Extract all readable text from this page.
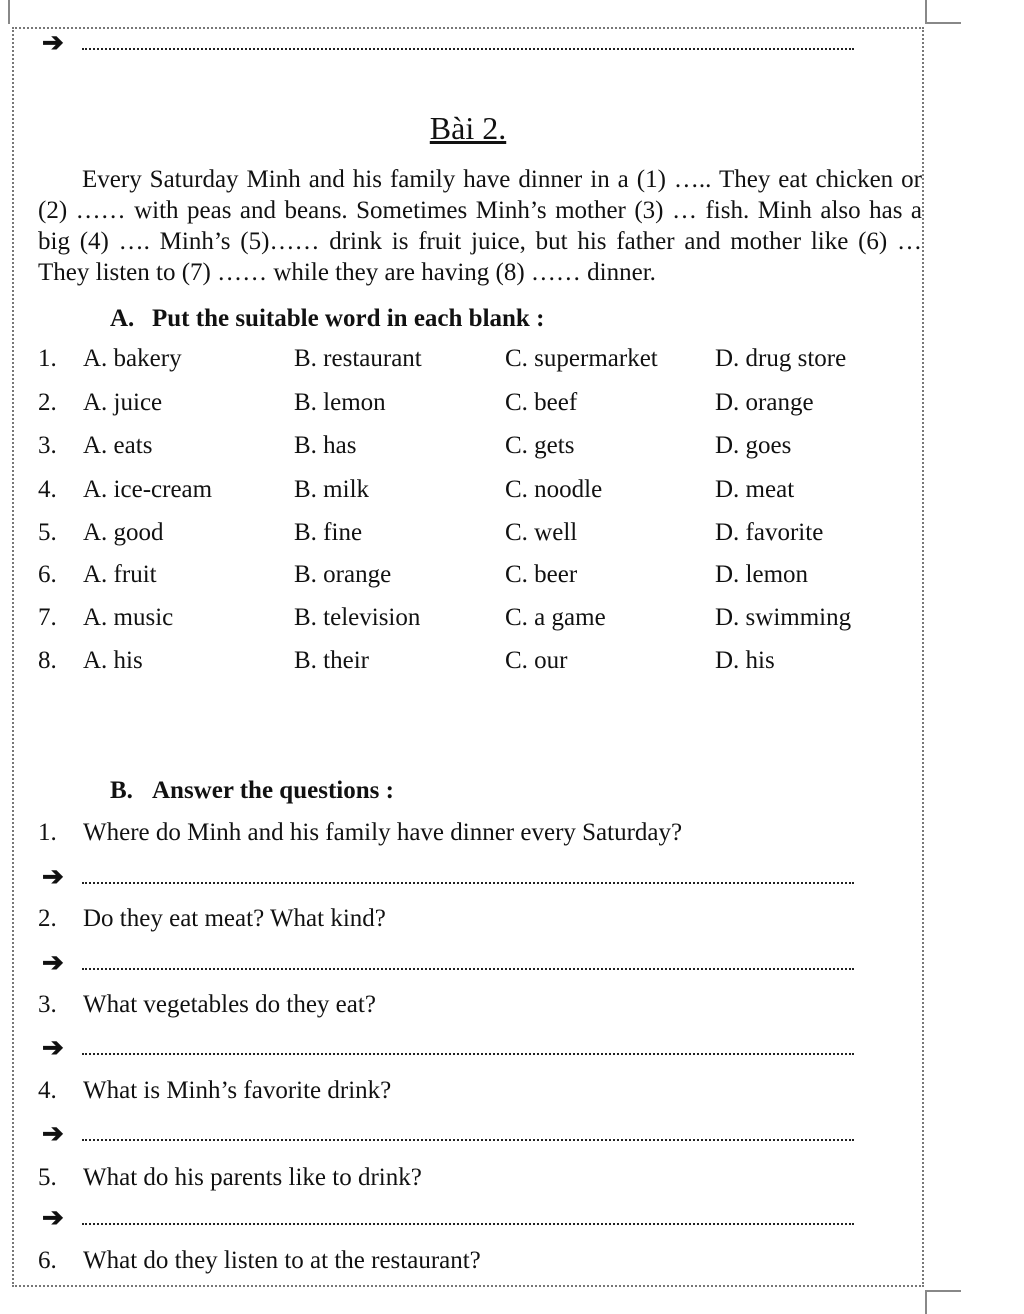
➔
Bài 2.
Every Saturday Minh and his family have dinner in a (1) ….. They eat chicken or (2) …… with peas and beans. Sometimes Minh’s mother (3) … fish. Minh also has a big (4) …. Minh’s (5)…… drink is fruit juice, but his father and mother like (6) … They listen to (7) …… while they are having (8) …… dinner.
A. Put the suitable word in each blank :
1. A. bakery	B. restaurant	C. supermarket D. drug store
2. A. juice	B. lemon	C. beef	D. orange
3. A. eats	B. has	C. gets	D. goes
4. A. ice-cream	B. milk	C. noodle	D. meat
5. A. good	B. fine	C. well	D. favorite
6. A. fruit	B. orange	C. beer	D. lemon
7. A. music	B. television	C. a game	D. swimming
8. A. his	B. their	C. our	D. his
B. Answer the questions :
1. Where do Minh and his family have dinner every Saturday?
➔
2. Do they eat meat? What kind?
➔
3. What vegetables do they eat?
➔
4. What is Minh’s favorite drink?
➔
5. What do his parents like to drink?
➔
6. What do they listen to at the restaurant?
